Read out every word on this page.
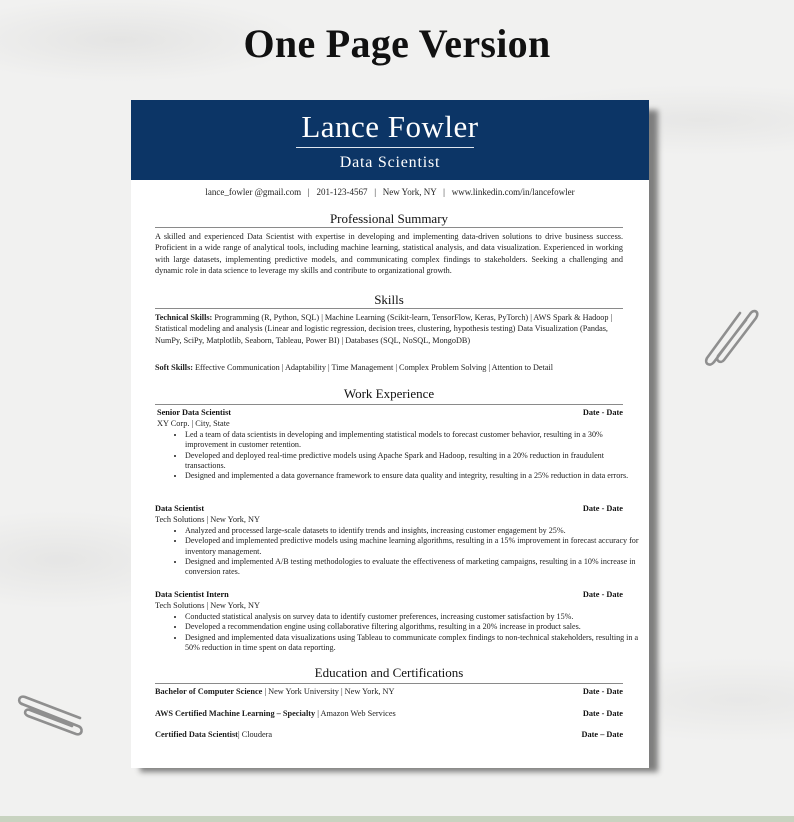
One Page Version
Lance Fowler
Data Scientist
lance_fowler @gmail.com   |   201-123-4567   |   New York, NY   |   www.linkedin.com/in/lancefowler
Professional Summary
A skilled and experienced Data Scientist with expertise in developing and implementing data-driven solutions to drive business success. Proficient in a wide range of analytical tools, including machine learning, statistical analysis, and data visualization. Experienced in working with large datasets, implementing predictive models, and communicating complex findings to stakeholders. Seeking a challenging and dynamic role in data science to leverage my skills and contribute to organizational growth.
Skills
Technical Skills: Programming (R, Python, SQL) | Machine Learning (Scikit-learn, TensorFlow, Keras, PyTorch) | AWS Spark & Hadoop | Statistical modeling and analysis (Linear and logistic regression, decision trees, clustering, hypothesis testing) Data Visualization (Pandas, NumPy, SciPy, Matplotlib, Seaborn, Tableau, Power BI) | Databases (SQL, NoSQL, MongoDB)
Soft Skills: Effective Communication | Adaptability | Time Management | Complex Problem Solving | Attention to Detail
Work Experience
Senior Data Scientist	Date - Date
XY Corp. | City, State
• Led a team of data scientists in developing and implementing statistical models to forecast customer behavior, resulting in a 30% improvement in customer retention.
• Developed and deployed real-time predictive models using Apache Spark and Hadoop, resulting in a 20% reduction in fraudulent transactions.
• Designed and implemented a data governance framework to ensure data quality and integrity, resulting in a 25% reduction in data errors.
Data Scientist	Date - Date
Tech Solutions | New York, NY
• Analyzed and processed large-scale datasets to identify trends and insights, increasing customer engagement by 25%.
• Developed and implemented predictive models using machine learning algorithms, resulting in a 15% improvement in forecast accuracy for inventory management.
• Designed and implemented A/B testing methodologies to evaluate the effectiveness of marketing campaigns, resulting in a 10% increase in conversion rates.
Data Scientist Intern	Date - Date
Tech Solutions | New York, NY
• Conducted statistical analysis on survey data to identify customer preferences, increasing customer satisfaction by 15%.
• Developed a recommendation engine using collaborative filtering algorithms, resulting in a 20% increase in product sales.
• Designed and implemented data visualizations using Tableau to communicate complex findings to non-technical stakeholders, resulting in a 50% reduction in time spent on data reporting.
Education and Certifications
Bachelor of Computer Science | New York University | New York, NY	Date - Date
AWS Certified Machine Learning – Specialty | Amazon Web Services	Date - Date
Certified Data Scientist| Cloudera	Date – Date
